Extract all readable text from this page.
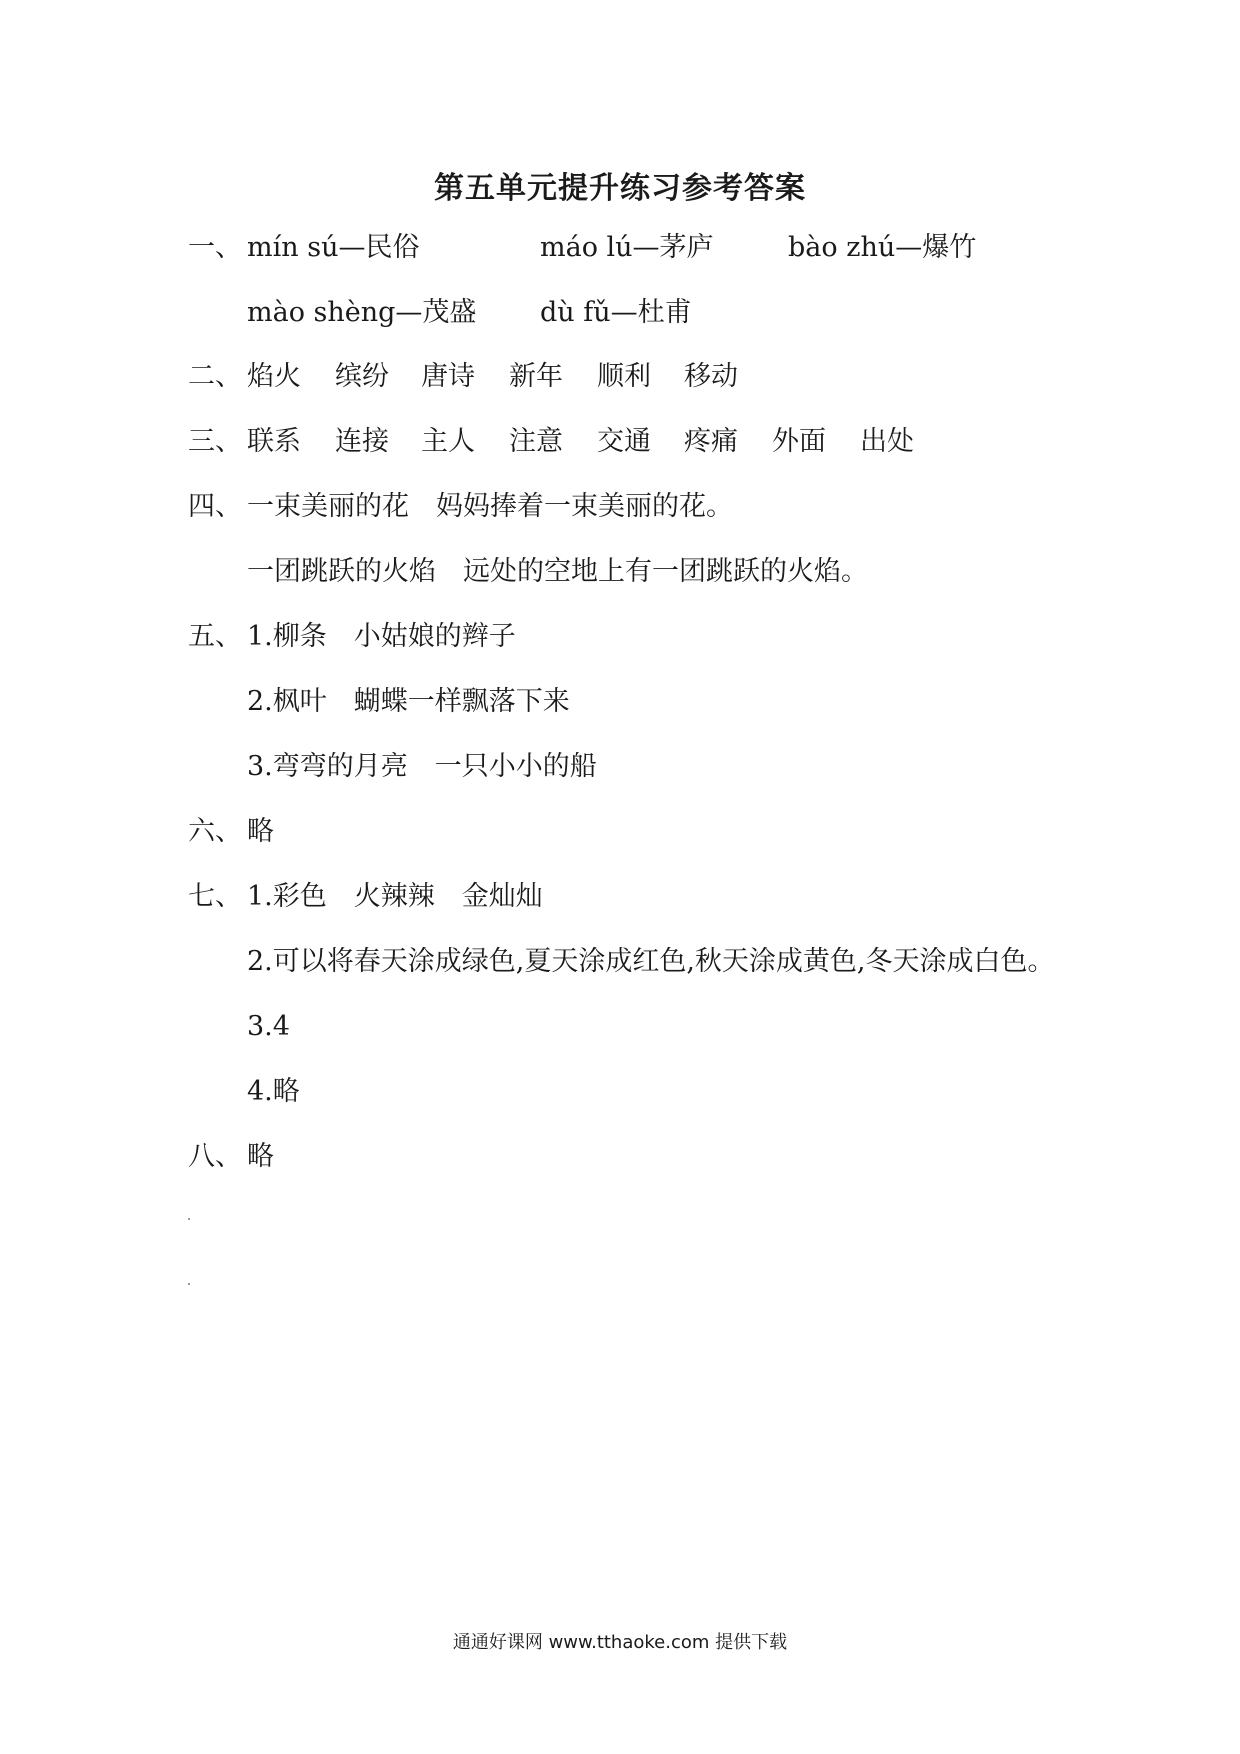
第五单元提升练习参考答案
一、 mín sú—民俗	máo lú—茅庐	bào zhú—爆竹
mào shèng—茂盛 dù fǔ—杜甫
二、 焰火 缤纷 唐诗 新年 顺利 移动
三、 联系 连接 主人 注意 交通 疼痛 外面 出处
四、 一束美丽的花　妈妈捧着一束美丽的花。
一团跳跃的火焰　远处的空地上有一团跳跃的火焰。
五、 1.柳条　小姑娘的辫子
2.枫叶　蝴蝶一样飘落下来
3.弯弯的月亮　一只小小的船
六、 略
七、 1.彩色　火辣辣　金灿灿
2.可以将春天涂成绿色,夏天涂成红色,秋天涂成黄色,冬天涂成白色。
3.4
4.略
八、 略
通通好课网 www.tthaoke.com 提供下载
